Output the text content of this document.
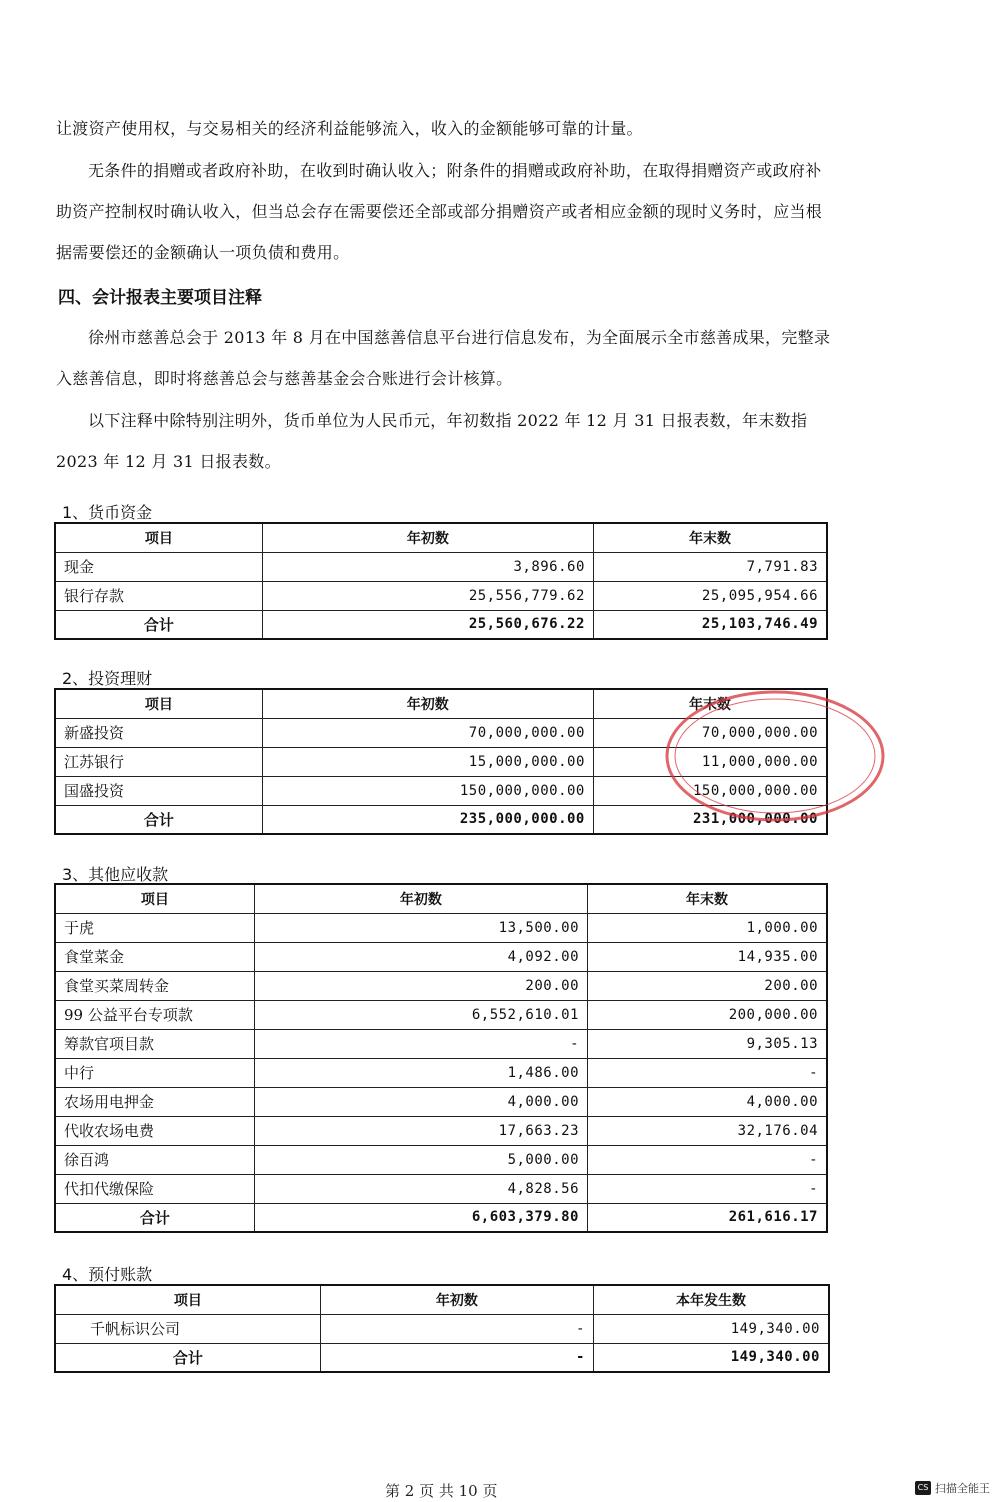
让渡资产使用权，与交易相关的经济利益能够流入，收入的金额能够可靠的计量。

无条件的捐赠或者政府补助，在收到时确认收入；附条件的捐赠或政府补助，在取得捐赠资产或政府补助资产控制权时确认收入，但当总会存在需要偿还全部或部分捐赠资产或者相应金额的现时义务时，应当根据需要偿还的金额确认一项负债和费用。

四、会计报表主要项目注释

徐州市慈善总会于 2013 年 8 月在中国慈善信息平台进行信息发布，为全面展示全市慈善成果，完整录入慈善信息，即时将慈善总会与慈善基金会合账进行会计核算。

以下注释中除特别注明外，货币单位为人民币元，年初数指 2022 年 12 月 31 日报表数，年末数指 2023 年 12 月 31 日报表数。

1、货币资金
项目	年初数	年末数
现金	3,896.60	7,791.83
银行存款	25,556,779.62	25,095,954.66
合计	25,560,676.22	25,103,746.49
2、投资理财
项目	年初数	年末数
新盛投资	70,000,000.00	70,000,000.00
江苏银行	15,000,000.00	11,000,000.00
国盛投资	150,000,000.00	150,000,000.00
合计	235,000,000.00	231,000,000.00
3、其他应收款
项目	年初数	年末数
于虎	13,500.00	1,000.00
食堂菜金	4,092.00	14,935.00
食堂买菜周转金	200.00	200.00
99 公益平台专项款	6,552,610.01	200,000.00
筹款官项目款	-	9,305.13
中行	1,486.00	-
农场用电押金	4,000.00	4,000.00
代收农场电费	17,663.23	32,176.04
徐百鸿	5,000.00	-
代扣代缴保险	4,828.56	-
合计	6,603,379.80	261,616.17
4、预付账款
项目	年初数	本年发生数
千帆标识公司	-	149,340.00
合计	-	149,340.00
第 2 页 共 10 页	CS 扫描全能王
